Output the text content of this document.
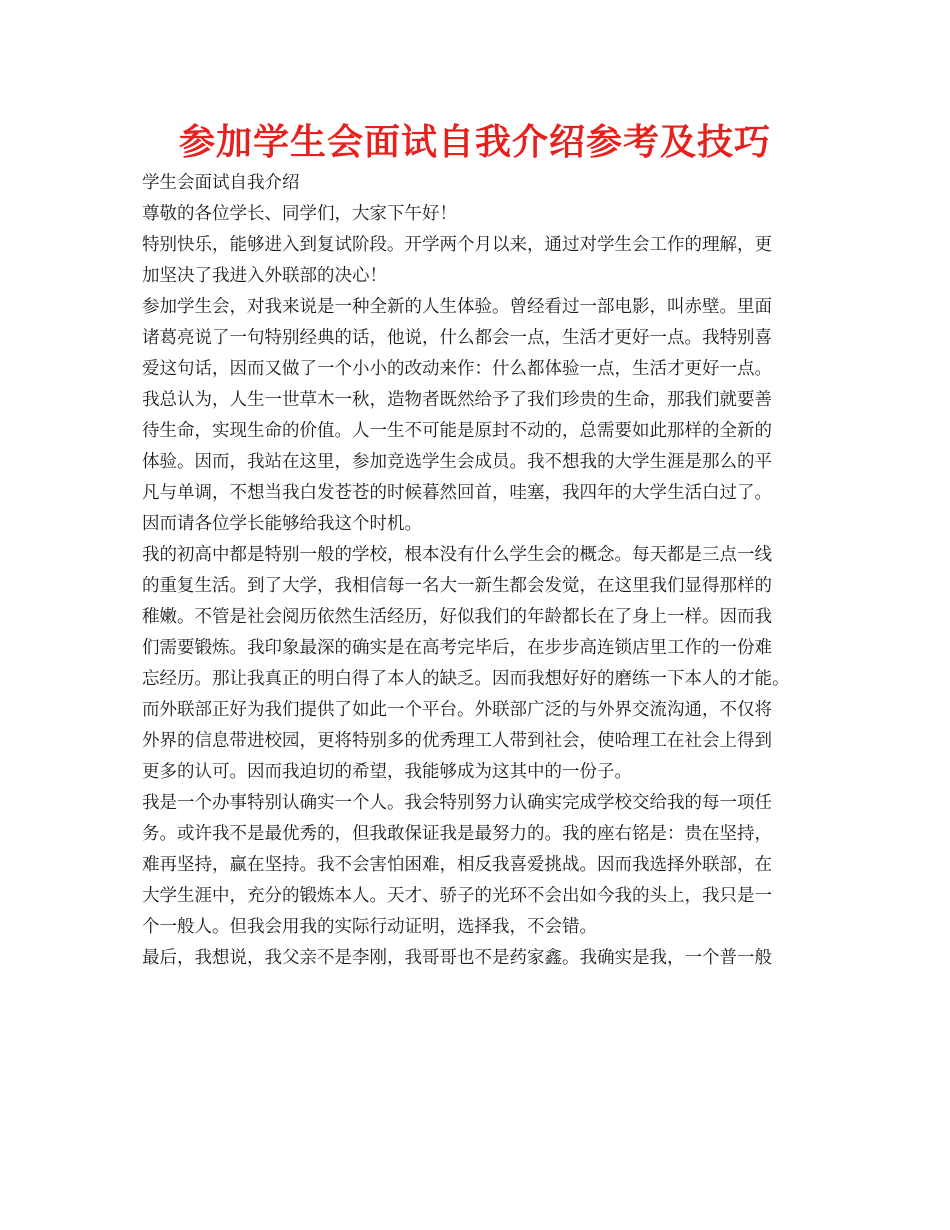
参加学生会面试自我介绍参考及技巧
学生会面试自我介绍
尊敬的各位学长、同学们，大家下午好！
特别快乐，能够进入到复试阶段。开学两个月以来，通过对学生会工作的理解，更
加坚决了我进入外联部的决心！
参加学生会，对我来说是一种全新的人生体验。曾经看过一部电影，叫赤壁。里面
诸葛亮说了一句特别经典的话，他说，什么都会一点，生活才更好一点。我特别喜
爱这句话，因而又做了一个小小的改动来作：什么都体验一点，生活才更好一点。
我总认为，人生一世草木一秋，造物者既然给予了我们珍贵的生命，那我们就要善
待生命，实现生命的价值。人一生不可能是原封不动的，总需要如此那样的全新的
体验。因而，我站在这里，参加竞选学生会成员。我不想我的大学生涯是那么的平
凡与单调，不想当我白发苍苍的时候暮然回首，哇塞，我四年的大学生活白过了。
因而请各位学长能够给我这个时机。
我的初高中都是特别一般的学校，根本没有什么学生会的概念。每天都是三点一线
的重复生活。到了大学，我相信每一名大一新生都会发觉，在这里我们显得那样的
稚嫩。不管是社会阅历依然生活经历，好似我们的年龄都长在了身上一样。因而我
们需要锻炼。我印象最深的确实是在高考完毕后，在步步高连锁店里工作的一份难
忘经历。那让我真正的明白得了本人的缺乏。因而我想好好的磨练一下本人的才能。
而外联部正好为我们提供了如此一个平台。外联部广泛的与外界交流沟通，不仅将
外界的信息带进校园，更将特别多的优秀理工人带到社会，使哈理工在社会上得到
更多的认可。因而我迫切的希望，我能够成为这其中的一份子。
我是一个办事特别认确实一个人。我会特别努力认确实完成学校交给我的每一项任
务。或许我不是最优秀的，但我敢保证我是最努力的。我的座右铭是：贵在坚持，
难再坚持，赢在坚持。我不会害怕困难，相反我喜爱挑战。因而我选择外联部，在
大学生涯中，充分的锻炼本人。天才、骄子的光环不会出如今我的头上，我只是一
个一般人。但我会用我的实际行动证明，选择我，不会错。
最后，我想说，我父亲不是李刚，我哥哥也不是药家鑫。我确实是我，一个普一般
